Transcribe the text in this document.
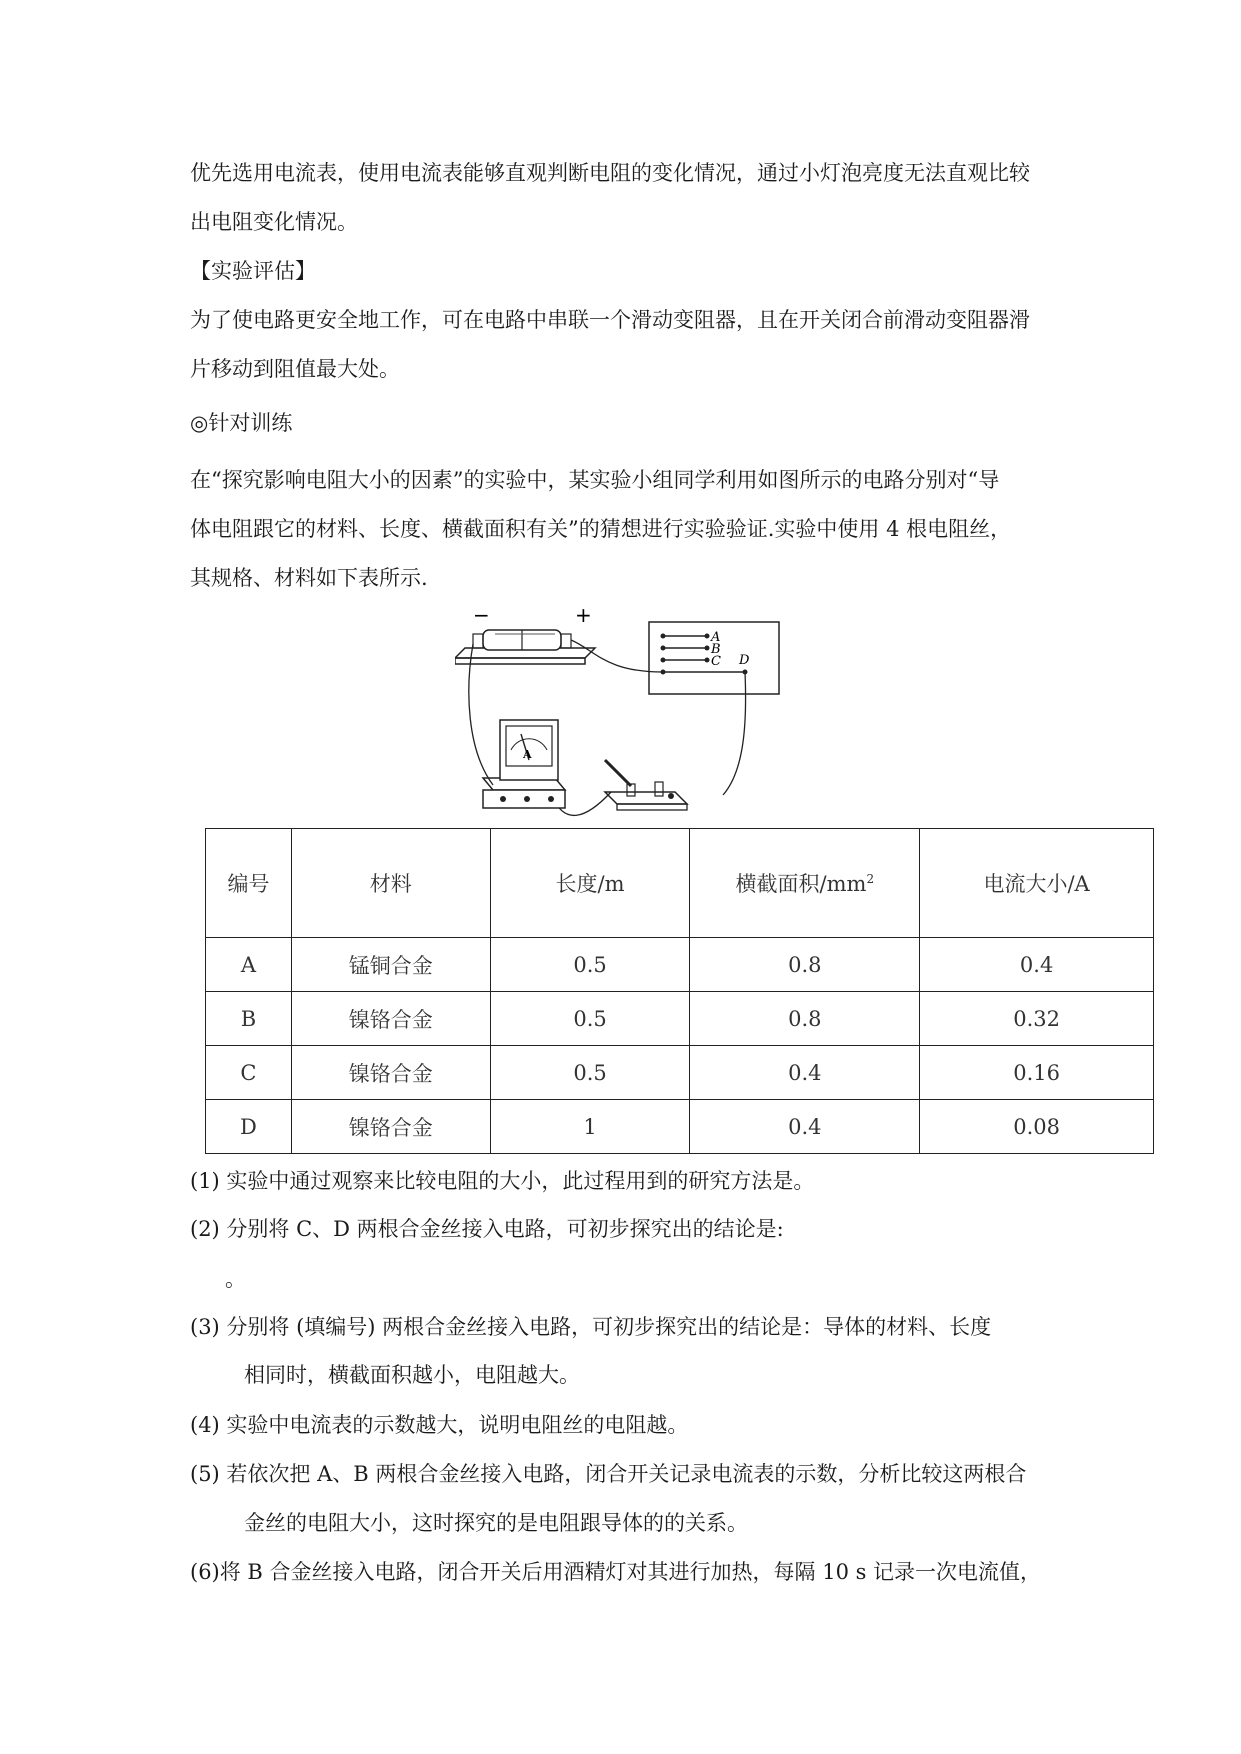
优先选用电流表，使用电流表能够直观判断电阻的变化情况，通过小灯泡亮度无法直观比较
出电阻变化情况。
【实验评估】
为了使电路更安全地工作，可在电路中串联一个滑动变阻器，且在开关闭合前滑动变阻器滑
片移动到阻值最大处。
◎针对训练
在“探究影响电阻大小的因素”的实验中，某实验小组同学利用如图所示的电路分别对“导
体电阻跟它的材料、长度、横截面积有关”的猜想进行实验验证.实验中使用 4 根电阻丝，
其规格、材料如下表所示.
−	+
A
B
C D
A
编号	材料	长度/m	横截面积$/mm^2$	电流大小/A
A	锰铜合金	0.5	0.8	0.4
B	镍铬合金	0.5	0.8	0.32
C	镍铬合金	0.5	0.4	0.16
D	镍铬合金	1	0.4	0.08
(1) 实验中通过观察来比较电阻的大小，此过程用到的研究方法是。
(2) 分别将 C、D 两根合金丝接入电路，可初步探究出的结论是:
。
(3) 分别将 (填编号) 两根合金丝接入电路，可初步探究出的结论是：导体的材料、长度
相同时，横截面积越小，电阻越大。
(4) 实验中电流表的示数越大，说明电阻丝的电阻越。
(5) 若依次把 A、B 两根合金丝接入电路，闭合开关记录电流表的示数，分析比较这两根合
金丝的电阻大小，这时探究的是电阻跟导体的的关系。
(6)将 B 合金丝接入电路，闭合开关后用酒精灯对其进行加热，每隔 10 s 记录一次电流值，
